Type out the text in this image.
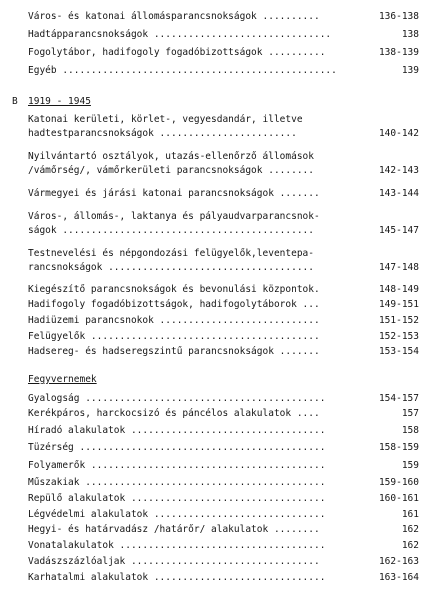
Város- és katonai állomásparancsnokságok ..........	136-138
Hadtápparancsnokságok ...............................	138
Fogolytábor, hadifogoly fogadóbizottságok ..........	138-139
Egyéb ................................................	139
B 1919 - 1945
Katonai kerületi, körlet-, vegyesdandár, illetve
hadtestparancsnokságok ........................	140-142
Nyilvántartó osztályok, utazás-ellenőrző állomások
/vámőrség/, vámőrkerületi parancsnokságok ........	142-143
Vármegyei és járási katonai parancsnokságok .......	143-144
Város-, állomás-, laktanya és pályaudvarparancsnok-
ságok ............................................	145-147
Testnevelési és népgondozási felügyelők,leventepa-
rancsnokságok ....................................	147-148
Kiegészítő parancsnokságok és bevonulási központok.	148-149
Hadifogoly fogadóbizottságok, hadifogolytáborok ...	149-151
Hadiüzemi parancsnokok ............................	151-152
Felügyelők ........................................	152-153
Hadsereg- és hadseregszintű parancsnokságok .......	153-154
Fegyvernemek
Gyalogság ..........................................	154-157
Kerékpáros, harckocsizó és páncélos alakulatok ....	157
Híradó alakulatok ..................................	158
Tüzérség ...........................................	158-159
Folyamerők .........................................	159
Műszakiak ..........................................	159-160
Repülő alakulatok ..................................	160-161
Légvédelmi alakulatok ..............................	161
Hegyi- és határvadász /határőr/ alakulatok ........	162
Vonatalakulatok ....................................	162
Vadászszázlóaljak .................................	162-163
Karhatalmi alakulatok ..............................	163-164
